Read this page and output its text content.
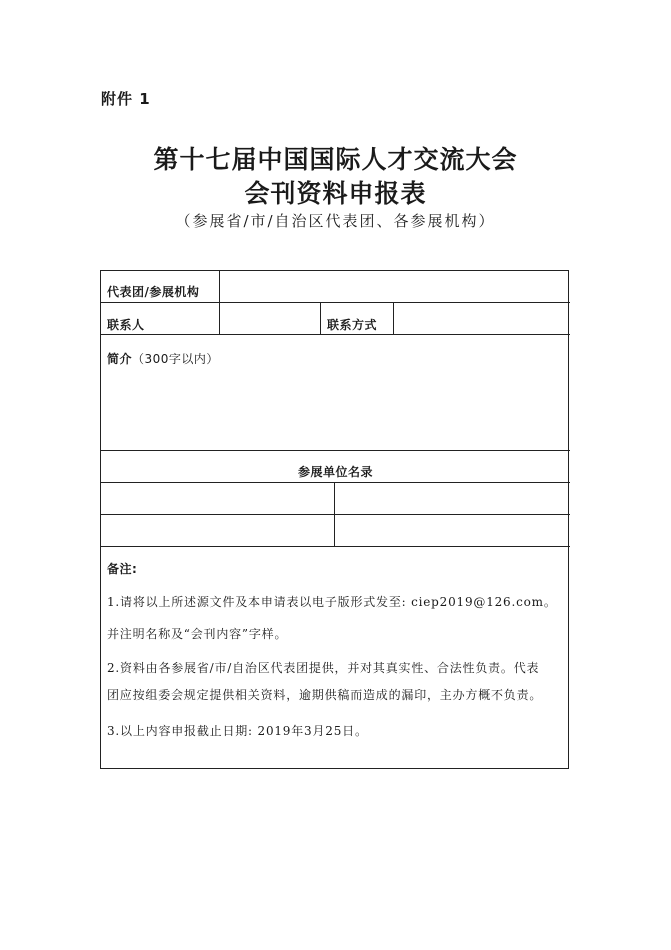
附件 1
第十七届中国国际人才交流大会
会刊资料申报表
（参展省/市/自治区代表团、各参展机构）
代表团/参展机构
联系人	联系方式
简介（300字以内）
参展单位名录
备注:
1.请将以上所述源文件及本申请表以电子版形式发至: ciep2019@126.com。
并注明名称及“会刊内容”字样。
2.资料由各参展省/市/自治区代表团提供，并对其真实性、合法性负责。代表
团应按组委会规定提供相关资料，逾期供稿而造成的漏印，主办方概不负责。
3.以上内容申报截止日期: 2019年3月25日。
